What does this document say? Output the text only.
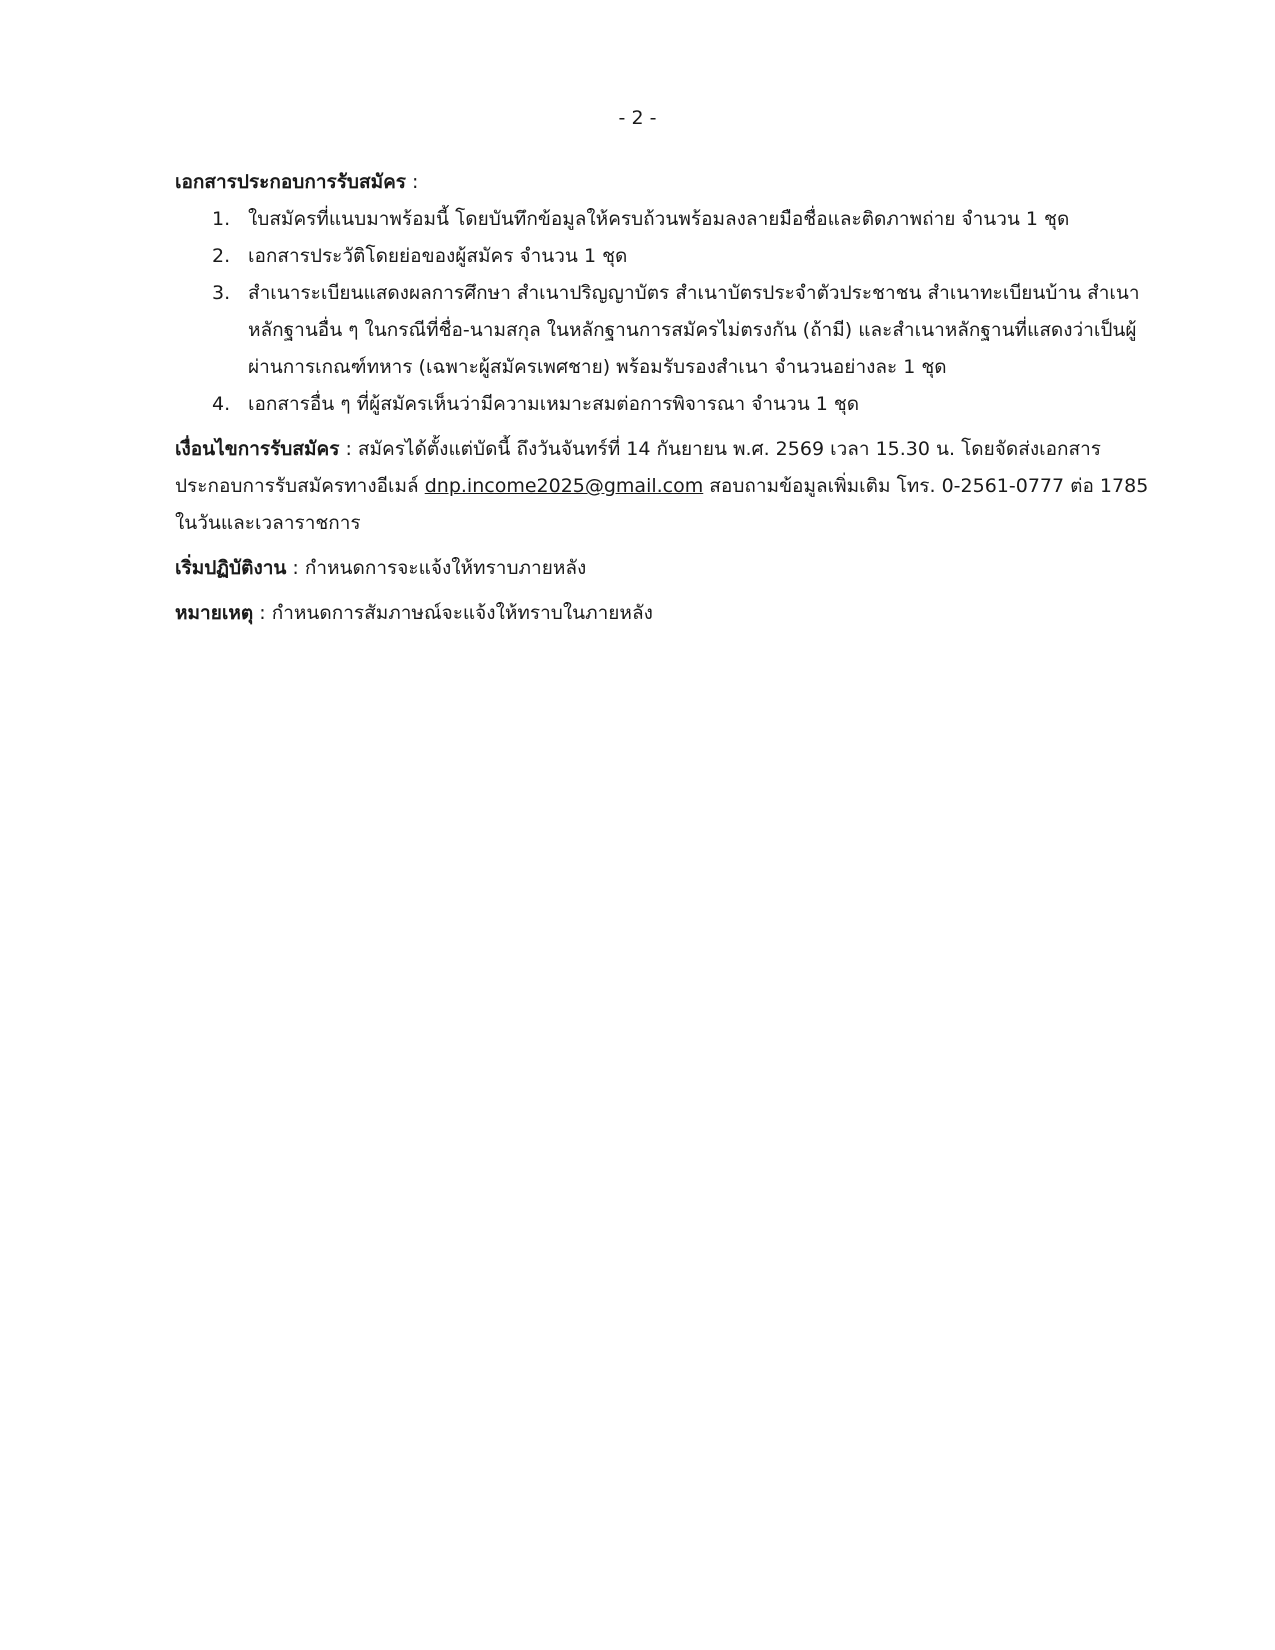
- 2 -

เอกสารประกอบการรับสมัคร :

1. ใบสมัครที่แนบมาพร้อมนี้ โดยบันทึกข้อมูลให้ครบถ้วนพร้อมลงลายมือชื่อและติดภาพถ่าย จำนวน 1 ชุด
2. เอกสารประวัติโดยย่อของผู้สมัคร จำนวน 1 ชุด
3. สำเนาระเบียนแสดงผลการศึกษา สำเนาปริญญาบัตร สำเนาบัตรประจำตัวประชาชน สำเนาทะเบียนบ้าน สำเนาหลักฐานอื่น ๆ ในกรณีที่ชื่อ-นามสกุล ในหลักฐานการสมัครไม่ตรงกัน (ถ้ามี) และสำเนาหลักฐานที่แสดงว่าเป็นผู้ผ่านการเกณฑ์ทหาร (เฉพาะผู้สมัครเพศชาย) พร้อมรับรองสำเนา จำนวนอย่างละ 1 ชุด
4. เอกสารอื่น ๆ ที่ผู้สมัครเห็นว่ามีความเหมาะสมต่อการพิจารณา จำนวน 1 ชุด

เงื่อนไขการรับสมัคร : สมัครได้ตั้งแต่บัดนี้ ถึงวันจันทร์ที่ 14 กันยายน พ.ศ. 2569 เวลา 15.30 น. โดยจัดส่งเอกสารประกอบการรับสมัครทางอีเมล์ dnp.income2025@gmail.com สอบถามข้อมูลเพิ่มเติม โทร. 0-2561-0777 ต่อ 1785 ในวันและเวลาราชการ

เริ่มปฏิบัติงาน : กำหนดการจะแจ้งให้ทราบภายหลัง

หมายเหตุ : กำหนดการสัมภาษณ์จะแจ้งให้ทราบในภายหลัง
